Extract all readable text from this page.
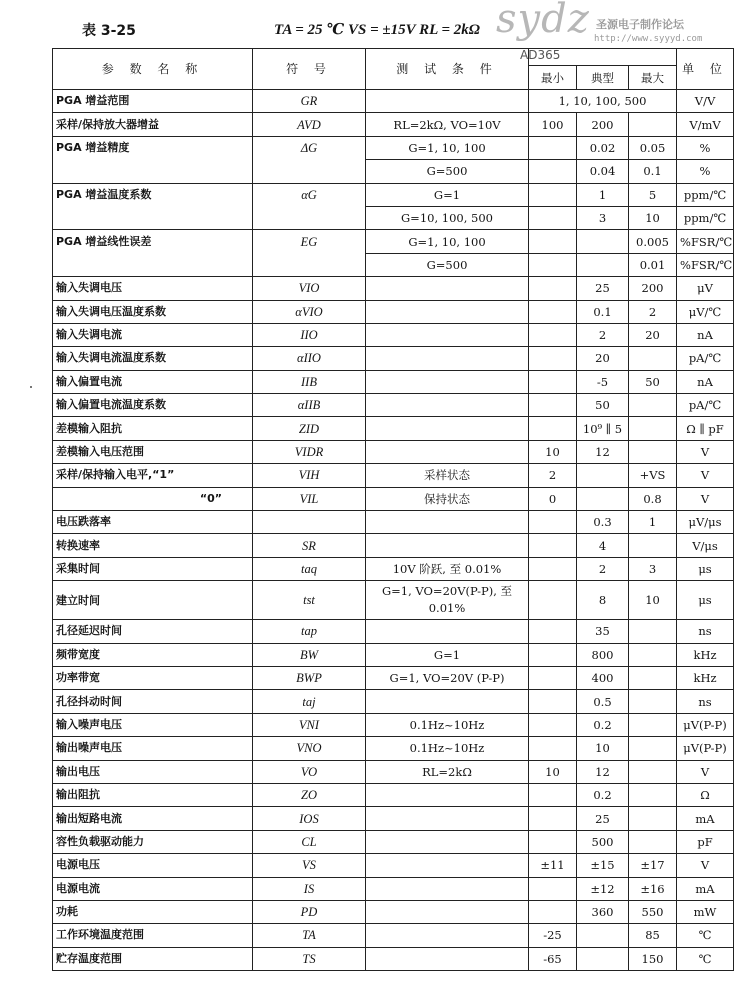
表 3-25	TA = 25 ℃ VS = ±15V RL = 2kΩ sydz 圣源电子制作论坛
http://www.syyyd.com
AD365
参 数 名 称	符 号	测 试 条 件				单 位
			最小	典型	最大	
PGA 增益范围	GR		1, 10, 100, 500			V/V
采样/保持放大器增益	AVD	RL=2kΩ, VO=10V	100	200		V/mV
PGA 增益精度	ΔG	G=1, 10, 100		0.02	0.05	%
		G=500		0.04	0.1	%
PGA 增益温度系数	αG	G=1		1	5	ppm/℃
		G=10, 100, 500		3	10	ppm/℃
PGA 增益线性误差	EG	G=1, 10, 100			0.005	%FSR/℃
		G=500			0.01	%FSR/℃
输入失调电压	VIO			25	200	μV
输入失调电压温度系数	αVIO			0.1	2	μV/℃
输入失调电流	IIO			2	20	nA
输入失调电流温度系数	αIIO			20		pA/℃
输入偏置电流	IIB			-5	50	nA
输入偏置电流温度系数	αIIB			50		pA/℃
差模输入阻抗	ZID			10⁹ ∥ 5		Ω ∥ pF
差模输入电压范围	VIDR		10	12		V
采样/保持输入电平,“1”	VIH	采样状态	2		+VS	V
“0”	VIL	保持状态	0		0.8	V
电压跌落率				0.3	1	μV/μs
转换速率	SR			4		V/μs
采集时间	taq	10V 阶跃, 至 0.01%		2	3	μs
建立时间	tst	G=1, VO=20V(P-P), 至 0.01%		8	10	μs
孔径延迟时间	tap			35		ns
频带宽度	BW	G=1		800		kHz
功率带宽	BWP	G=1, VO=20V (P-P)		400		kHz
孔径抖动时间	taj			0.5		ns
输入噪声电压	VNI	0.1Hz~10Hz		0.2		μV(P-P)
输出噪声电压	VNO	0.1Hz~10Hz		10		μV(P-P)
输出电压	VO	RL=2kΩ	10	12		V
输出阻抗	ZO			0.2		Ω
输出短路电流	IOS			25		mA
容性负载驱动能力	CL			500		pF
电源电压	VS		±11	±15	±17	V
电源电流	IS			±12	±16	mA
功耗	PD			360	550	mW
工作环境温度范围	TA		-25		85	℃
贮存温度范围	TS		-65		150	℃
